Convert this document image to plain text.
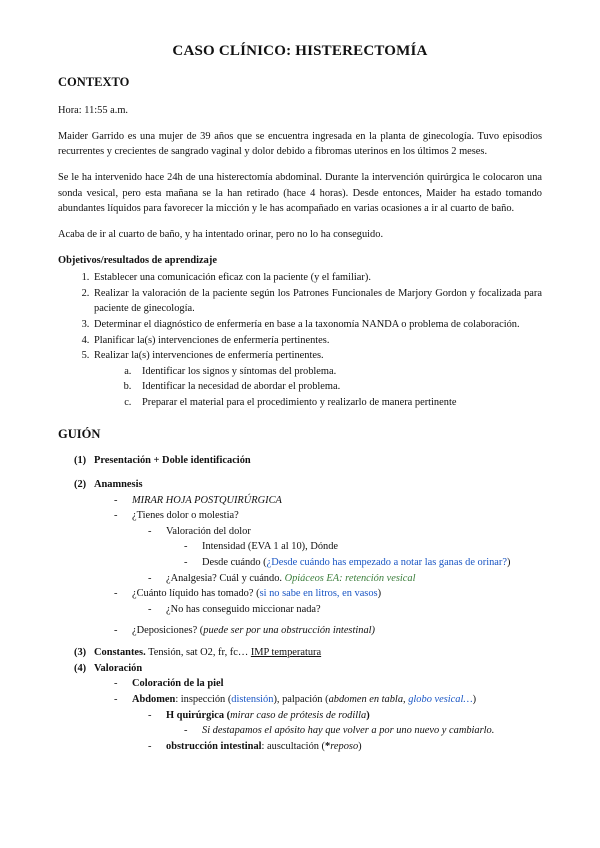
CASO CLÍNICO: HISTERECTOMÍA
CONTEXTO

Hora: 11:55 a.m.

Maider Garrido es una mujer de 39 años que se encuentra ingresada en la planta de ginecología. Tuvo episodios recurrentes y crecientes de sangrado vaginal y dolor debido a fibromas uterinos en los últimos 2 meses.

Se le ha intervenido hace 24h de una histerectomía abdominal. Durante la intervención quirúrgica le colocaron una sonda vesical, pero esta mañana se la han retirado (hace 4 horas). Desde entonces, Maider ha estado tomando abundantes líquidos para favorecer la micción y le has acompañado en varias ocasiones a ir al cuarto de baño.

Acaba de ir al cuarto de baño, y ha intentado orinar, pero no lo ha conseguido.

Objetivos/resultados de aprendizaje
1. Establecer una comunicación eficaz con la paciente (y el familiar).
2. Realizar la valoración de la paciente según los Patrones Funcionales de Marjory Gordon y focalizada para paciente de ginecología.
3. Determinar el diagnóstico de enfermería en base a la taxonomía NANDA o problema de colaboración.
4. Planificar la(s) intervenciones de enfermería pertinentes.
5. Realizar la(s) intervenciones de enfermería pertinentes.
a. Identificar los signos y síntomas del problema.
b. Identificar la necesidad de abordar el problema.
c. Preparar el material para el procedimiento y realizarlo de manera pertinente
GUIÓN
(1) Presentación + Doble identificación
(2) Anamnesis
- MIRAR HOJA POSTQUIRÚRGICA
- ¿Tienes dolor o molestia?
- Valoración del dolor
- Intensidad (EVA 1 al 10), Dónde
- Desde cuándo (¿Desde cuándo has empezado a notar las ganas de orinar?)
- ¿Analgesia? Cuál y cuándo. Opiáceos EA: retención vesical
- ¿Cuánto líquido has tomado? (si no sabe en litros, en vasos)
- ¿No has conseguido miccionar nada?
- ¿Deposiciones? (puede ser por una obstrucción intestinal)
(3) Constantes. Tensión, sat O2, fr, fc… IMP temperatura
(4) Valoración
- Coloración de la piel
- Abdomen: inspección (distensión), palpación (abdomen en tabla, globo vesical…)
- H quirúrgica (mirar caso de prótesis de rodilla)
- Si destapamos el apósito hay que volver a por uno nuevo y cambiarlo.
- obstrucción intestinal: auscultación (*reposo)
